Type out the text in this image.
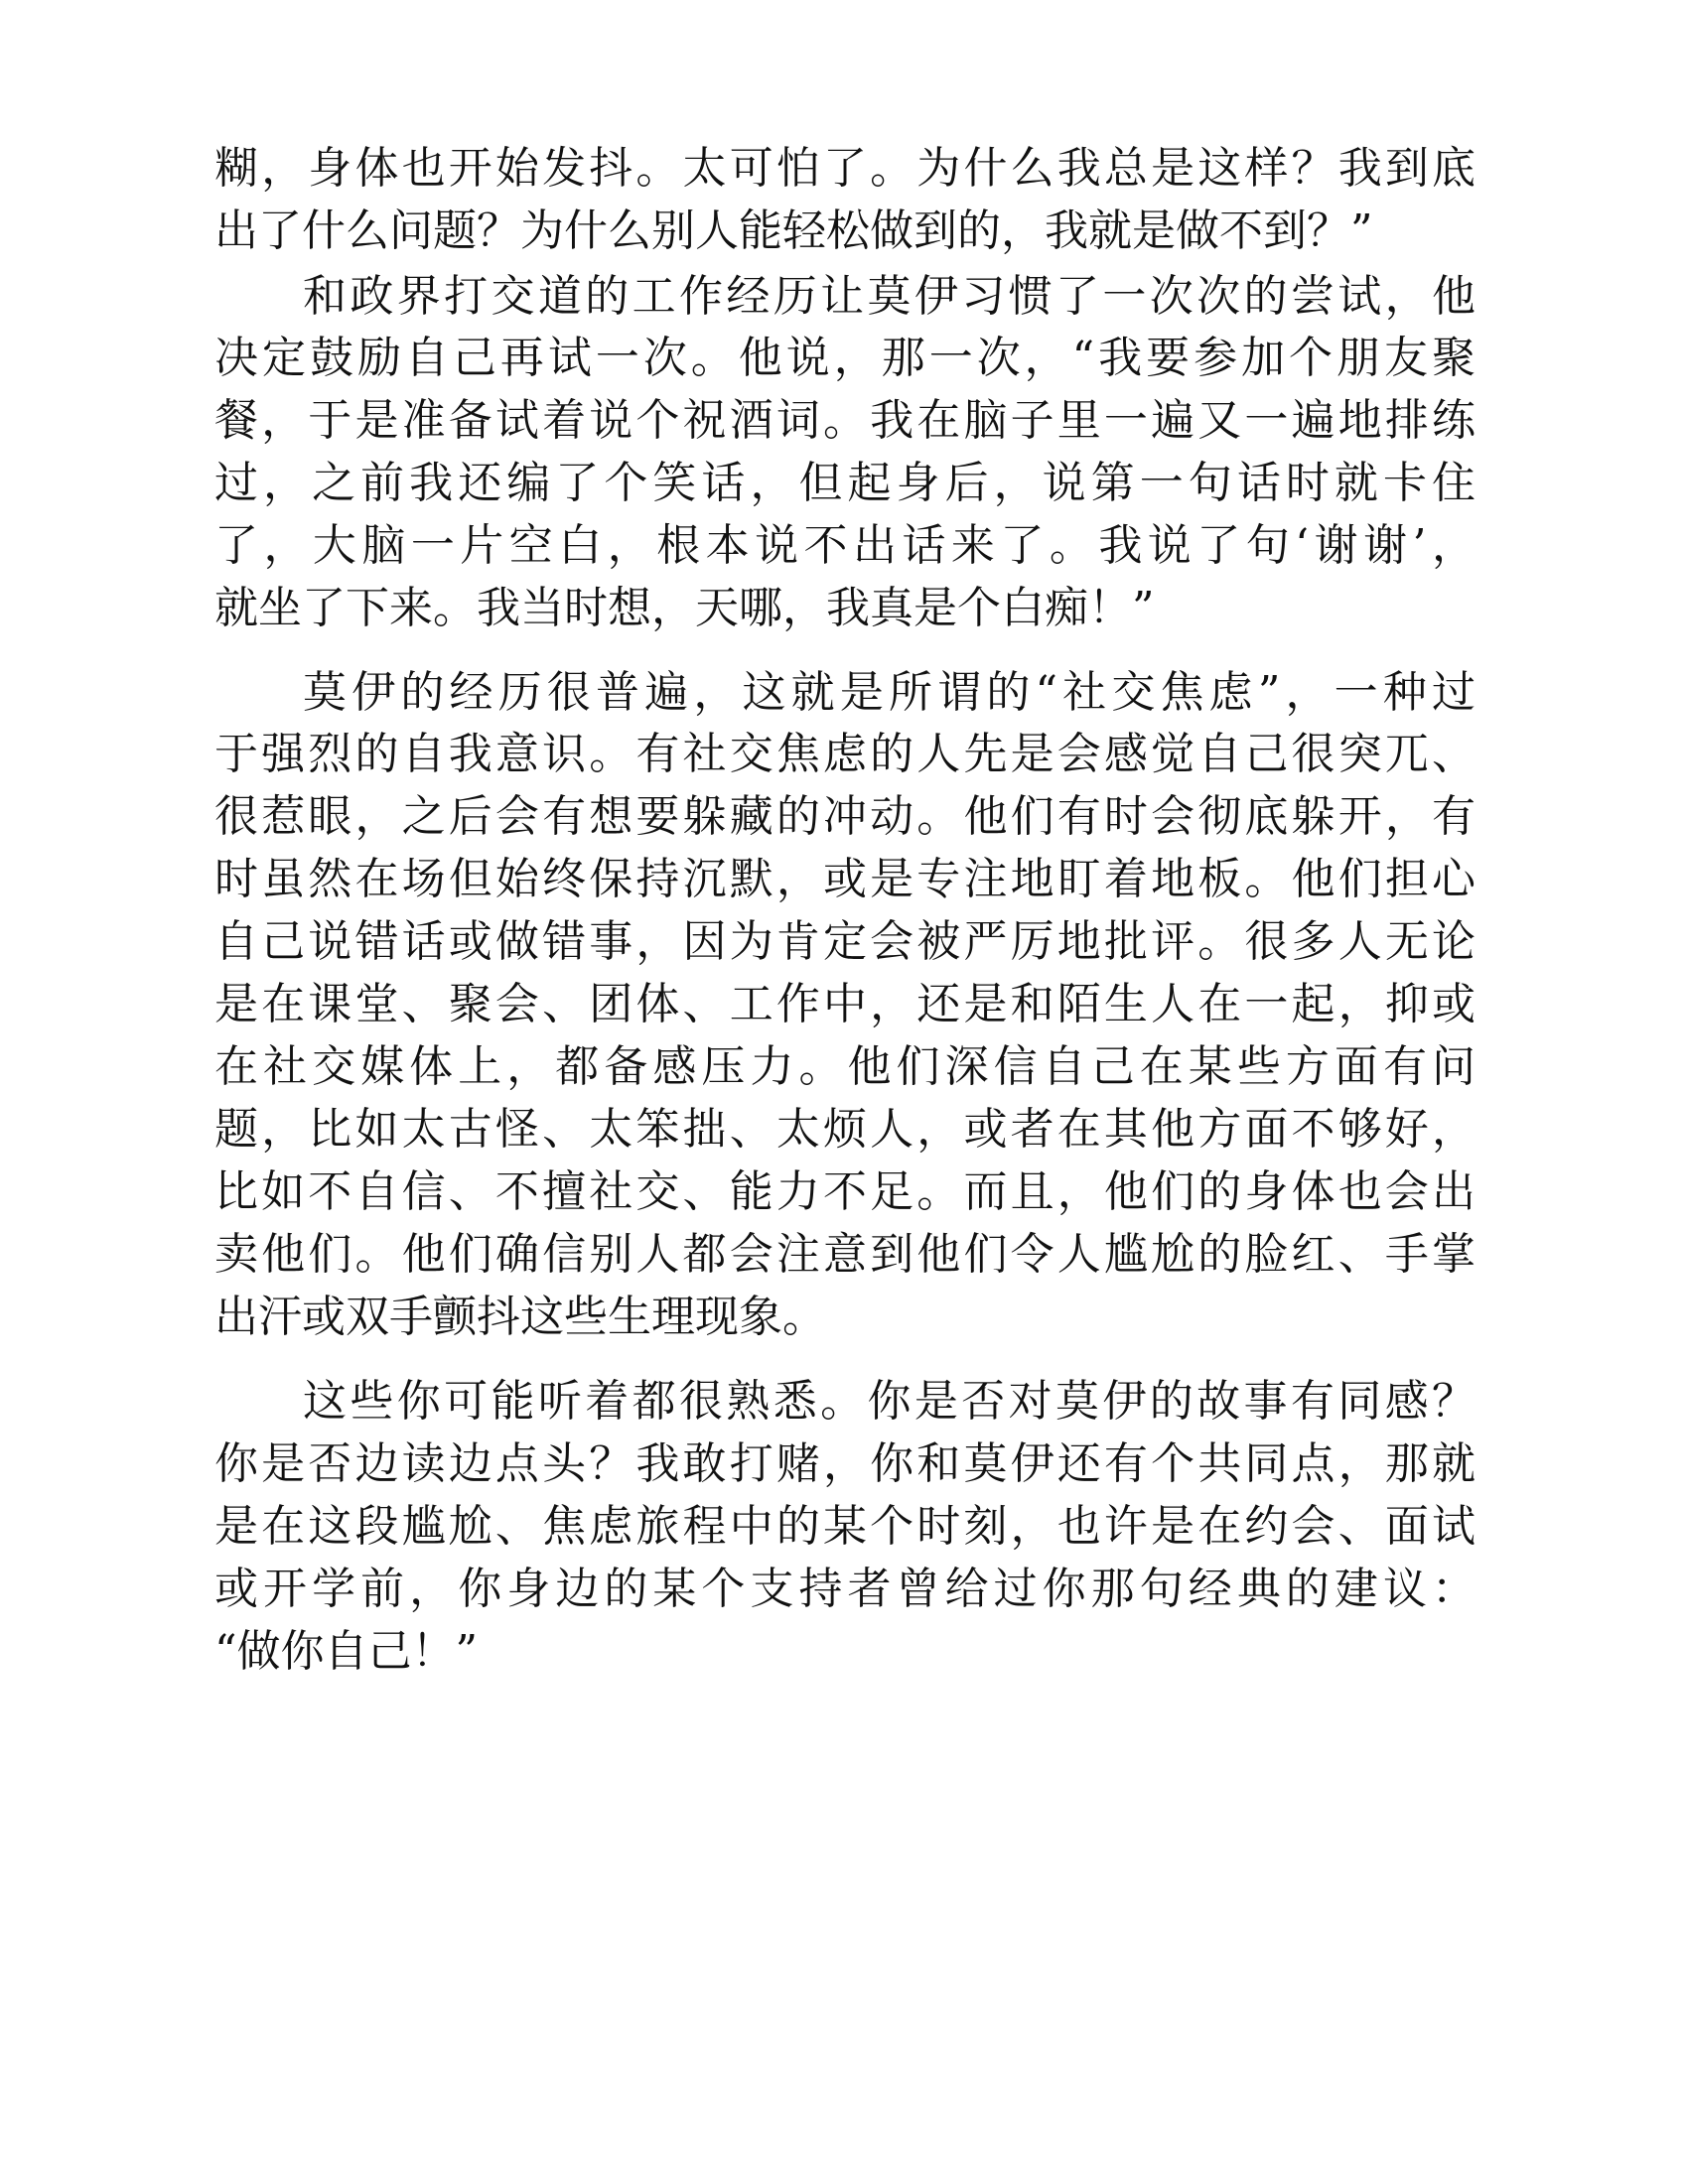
糊，身体也开始发抖。太可怕了。为什么我总是这样？我到底
出了什么问题？为什么别人能轻松做到的，我就是做不到？”
和政界打交道的工作经历让莫伊习惯了一次次的尝试，他
决定鼓励自己再试一次。他说，那一次，“我要参加个朋友聚
餐，于是准备试着说个祝酒词。我在脑子里一遍又一遍地排练
过，之前我还编了个笑话，但起身后，说第一句话时就卡住
了，大脑一片空白，根本说不出话来了。我说了句‘谢谢’，
就坐了下来。我当时想，天哪，我真是个白痴！”
莫伊的经历很普遍，这就是所谓的“社交焦虑”，一种过
于强烈的自我意识。有社交焦虑的人先是会感觉自己很突兀、
很惹眼，之后会有想要躲藏的冲动。他们有时会彻底躲开，有
时虽然在场但始终保持沉默，或是专注地盯着地板。他们担心
自己说错话或做错事，因为肯定会被严厉地批评。很多人无论
是在课堂、聚会、团体、工作中，还是和陌生人在一起，抑或
在社交媒体上，都备感压力。他们深信自己在某些方面有问
题，比如太古怪、太笨拙、太烦人，或者在其他方面不够好，
比如不自信、不擅社交、能力不足。而且，他们的身体也会出
卖他们。他们确信别人都会注意到他们令人尴尬的脸红、手掌
出汗或双手颤抖这些生理现象。
这些你可能听着都很熟悉。你是否对莫伊的故事有同感？
你是否边读边点头？我敢打赌，你和莫伊还有个共同点，那就
是在这段尴尬、焦虑旅程中的某个时刻，也许是在约会、面试
或开学前，你身边的某个支持者曾给过你那句经典的建议：
“做你自己！”
